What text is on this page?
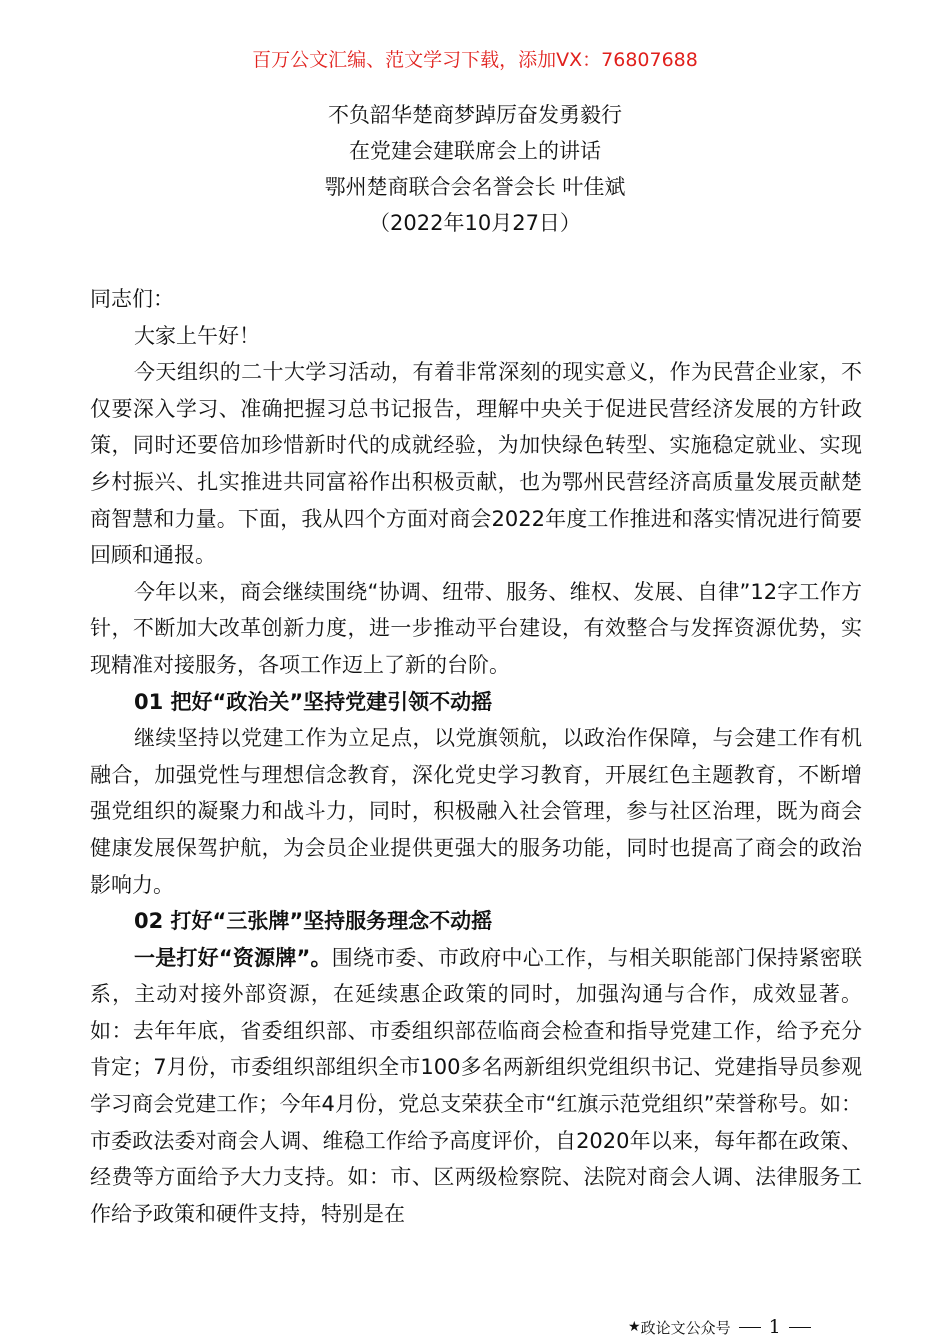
百万公文汇编、范文学习下载，添加VX：76807688
不负韶华楚商梦踔厉奋发勇毅行
在党建会建联席会上的讲话
鄂州楚商联合会名誉会长 叶佳斌
（2022年10月27日）

同志们：

大家上午好！

今天组织的二十大学习活动，有着非常深刻的现实意义，作为民营企业家，不仅要深入学习、准确把握习总书记报告，理解中央关于促进民营经济发展的方针政策，同时还要倍加珍惜新时代的成就经验，为加快绿色转型、实施稳定就业、实现乡村振兴、扎实推进共同富裕作出积极贡献，也为鄂州民营经济高质量发展贡献楚商智慧和力量。下面，我从四个方面对商会2022年度工作推进和落实情况进行简要回顾和通报。

今年以来，商会继续围绕“协调、纽带、服务、维权、发展、自律”12字工作方针，不断加大改革创新力度，进一步推动平台建设，有效整合与发挥资源优势，实现精准对接服务，各项工作迈上了新的台阶。

01 把好“政治关”坚持党建引领不动摇

继续坚持以党建工作为立足点，以党旗领航，以政治作保障，与会建工作有机融合，加强党性与理想信念教育，深化党史学习教育，开展红色主题教育，不断增强党组织的凝聚力和战斗力，同时，积极融入社会管理，参与社区治理，既为商会健康发展保驾护航，为会员企业提供更强大的服务功能，同时也提高了商会的政治影响力。

02 打好“三张牌”坚持服务理念不动摇

一是打好“资源牌”。围绕市委、市政府中心工作，与相关职能部门保持紧密联系，主动对接外部资源，在延续惠企政策的同时，加强沟通与合作，成效显著。如：去年年底，省委组织部、市委组织部莅临商会检查和指导党建工作，给予充分肯定；7月份，市委组织部组织全市100多名两新组织党组织书记、党建指导员参观学习商会党建工作；今年4月份，党总支荣获全市“红旗示范党组织”荣誉称号。如：市委政法委对商会人调、维稳工作给予高度评价，自2020年以来，每年都在政策、经费等方面给予大力支持。如：市、区两级检察院、法院对商会人调、法律服务工作给予政策和硬件支持，特别是在

★ 政论文公众号 1
